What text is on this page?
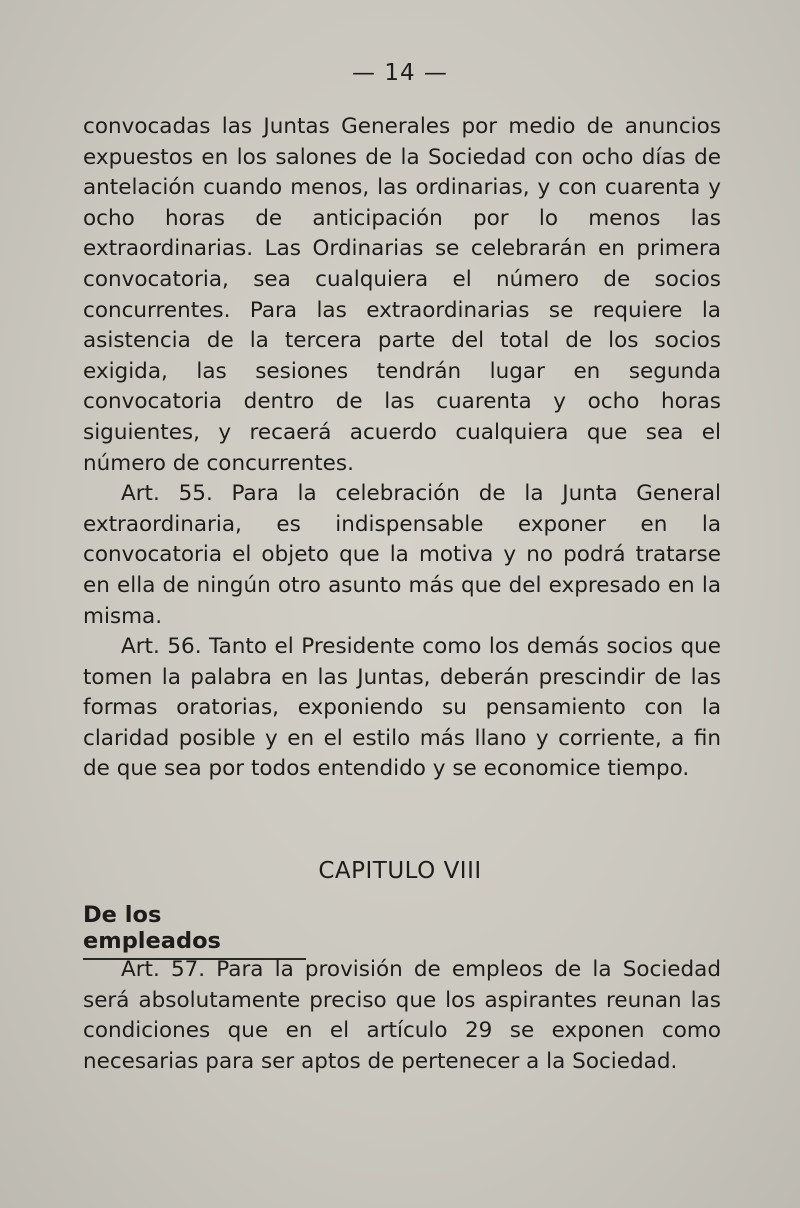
— 14 —

convocadas las Juntas Generales por medio de anuncios expuestos en los salones de la Sociedad con ocho días de antelación cuando menos, las ordinarias, y con cuarenta y ocho horas de anticipación por lo menos las extraordinarias. Las Ordinarias se celebrarán en primera convocatoria, sea cualquiera el número de socios concurrentes. Para las extraordinarias se requiere la asistencia de la tercera parte del total de los socios exigida, las sesiones tendrán lugar en segunda convocatoria dentro de las cuarenta y ocho horas siguientes, y recaerá acuerdo cualquiera que sea el número de concurrentes.

Art. 55. Para la celebración de la Junta General extraordinaria, es indispensable exponer en la convocatoria el objeto que la motiva y no podrá tratarse en ella de ningún otro asunto más que del expresado en la misma.

Art. 56. Tanto el Presidente como los demás socios que tomen la palabra en las Juntas, deberán prescindir de las formas oratorias, exponiendo su pensamiento con la claridad posible y en el estilo más llano y corriente, a fin de que sea por todos entendido y se economice tiempo.

CAPITULO VIII
De los empleados

Art. 57. Para la provisión de empleos de la Sociedad será absolutamente preciso que los aspirantes reunan las condiciones que en el artículo 29 se exponen como necesarias para ser aptos de pertenecer a la Sociedad.
